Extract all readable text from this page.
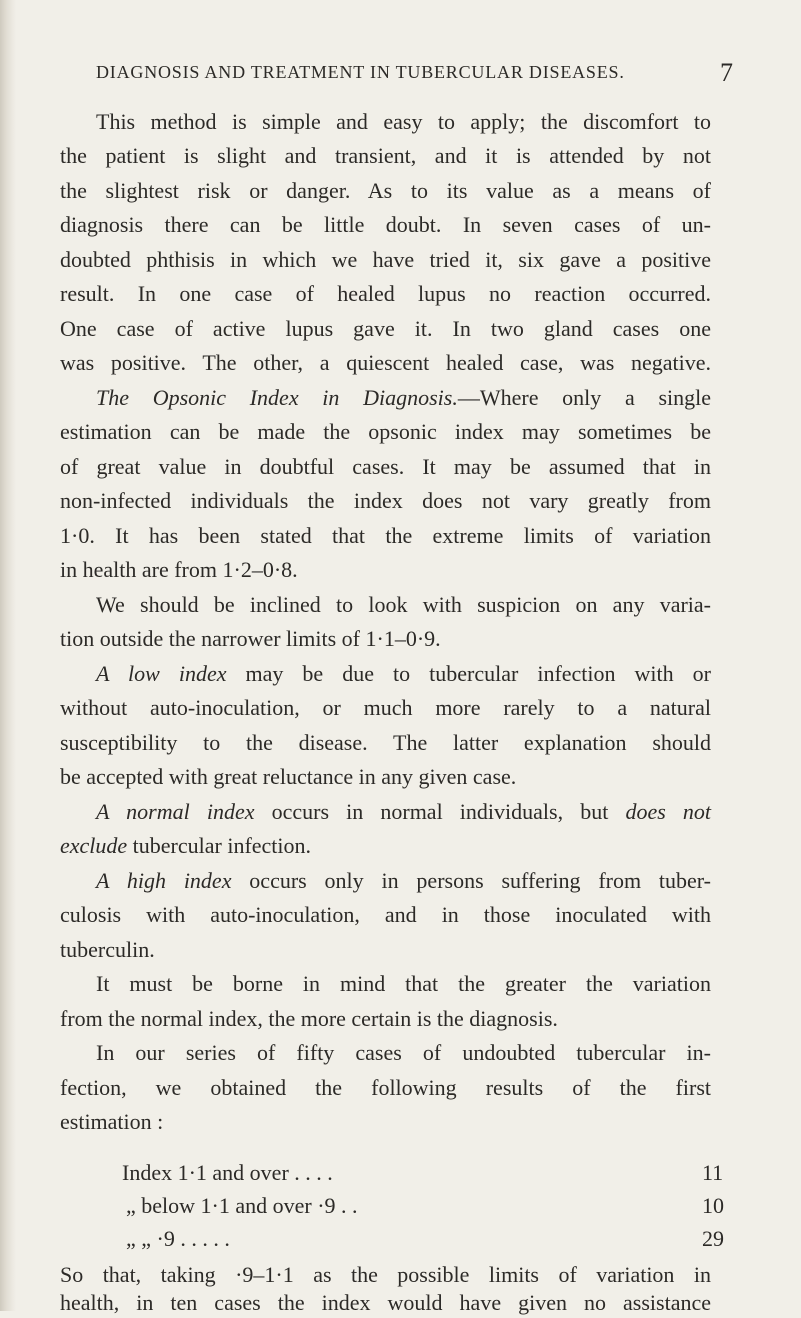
DIAGNOSIS AND TREATMENT IN TUBERCULAR DISEASES.	7
This method is simple and easy to apply; the discomfort to
the patient is slight and transient, and it is attended by not
the slightest risk or danger. As to its value as a means of
diagnosis there can be little doubt. In seven cases of un-
doubted phthisis in which we have tried it, six gave a positive
result. In one case of healed lupus no reaction occurred.
One case of active lupus gave it. In two gland cases one
was positive. The other, a quiescent healed case, was negative.
The Opsonic Index in Diagnosis.—Where only a single
estimation can be made the opsonic index may sometimes be
of great value in doubtful cases. It may be assumed that in
non-infected individuals the index does not vary greatly from
1·0. It has been stated that the extreme limits of variation
in health are from 1·2–0·8.
We should be inclined to look with suspicion on any varia-
tion outside the narrower limits of 1·1–0·9.
A low index may be due to tubercular infection with or
without auto-inoculation, or much more rarely to a natural
susceptibility to the disease. The latter explanation should
be accepted with great reluctance in any given case.
A normal index occurs in normal individuals, but does not
exclude tubercular infection.
A high index occurs only in persons suffering from tuber-
culosis with auto-inoculation, and in those inoculated with
tuberculin.
It must be borne in mind that the greater the variation
from the normal index, the more certain is the diagnosis.
In our series of fifty cases of undoubted tubercular in-
fection, we obtained the following results of the first
estimation :
Index 1·1 and over . . . .	11
„ below 1·1 and over ·9 . .	10
„ „ ·9 . . . . .	29
So that, taking ·9–1·1 as the possible limits of variation in
health, in ten cases the index would have given no assistance
